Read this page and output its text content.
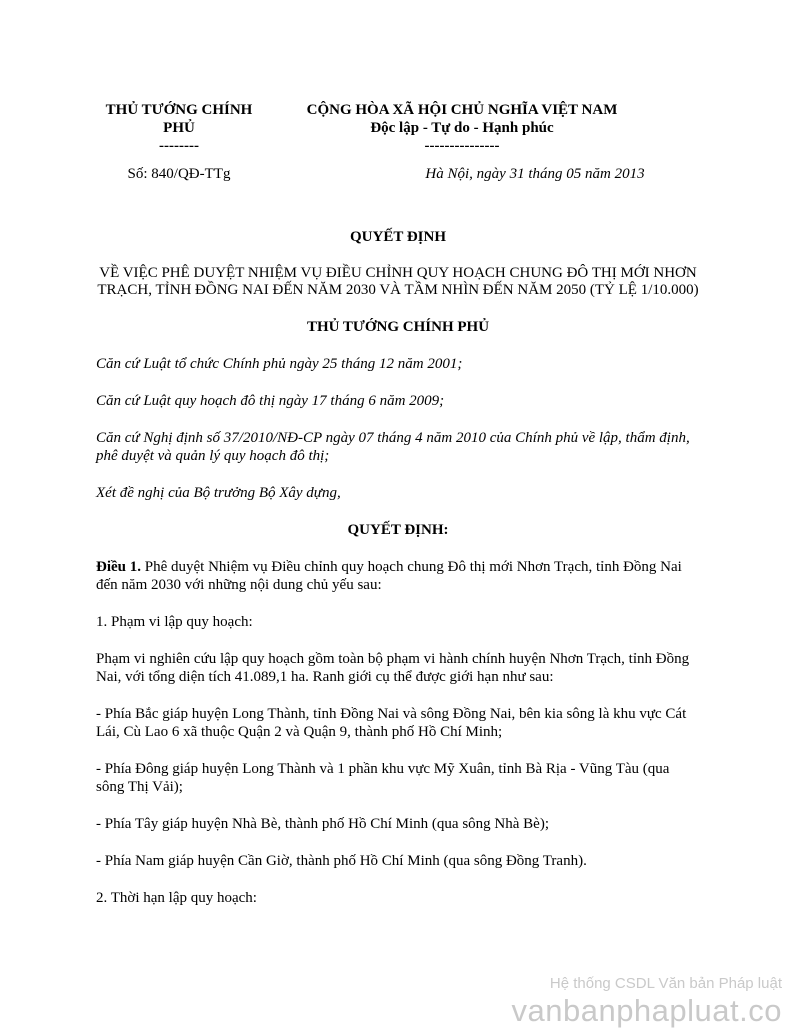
THỦ TƯỚNG CHÍNH PHỦ
--------
CỘNG HÒA XÃ HỘI CHỦ NGHĨA VIỆT NAM
Độc lập - Tự do - Hạnh phúc
---------------
Số: 840/QĐ-TTg	Hà Nội, ngày 31 tháng 05 năm 2013
QUYẾT ĐỊNH
VỀ VIỆC PHÊ DUYỆT NHIỆM VỤ ĐIỀU CHỈNH QUY HOẠCH CHUNG ĐÔ THỊ MỚI NHƠN TRẠCH, TỈNH ĐỒNG NAI ĐẾN NĂM 2030 VÀ TẦM NHÌN ĐẾN NĂM 2050 (TỶ LỆ 1/10.000)
THỦ TƯỚNG CHÍNH PHỦ

Căn cứ Luật tổ chức Chính phủ ngày 25 tháng 12 năm 2001;

Căn cứ Luật quy hoạch đô thị ngày 17 tháng 6 năm 2009;

Căn cứ Nghị định số 37/2010/NĐ-CP ngày 07 tháng 4 năm 2010 của Chính phủ về lập, thẩm định, phê duyệt và quản lý quy hoạch đô thị;

Xét đề nghị của Bộ trưởng Bộ Xây dựng,

QUYẾT ĐỊNH:

Điều 1. Phê duyệt Nhiệm vụ Điều chỉnh quy hoạch chung Đô thị mới Nhơn Trạch, tỉnh Đồng Nai đến năm 2030 với những nội dung chủ yếu sau:

1. Phạm vi lập quy hoạch:

Phạm vi nghiên cứu lập quy hoạch gồm toàn bộ phạm vi hành chính huyện Nhơn Trạch, tỉnh Đồng Nai, với tổng diện tích 41.089,1 ha. Ranh giới cụ thể được giới hạn như sau:

- Phía Bắc giáp huyện Long Thành, tỉnh Đồng Nai và sông Đồng Nai, bên kia sông là khu vực Cát Lái, Cù Lao 6 xã thuộc Quận 2 và Quận 9, thành phố Hồ Chí Minh;

- Phía Đông giáp huyện Long Thành và 1 phần khu vực Mỹ Xuân, tỉnh Bà Rịa - Vũng Tàu (qua sông Thị Vải);

- Phía Tây giáp huyện Nhà Bè, thành phố Hồ Chí Minh (qua sông Nhà Bè);

- Phía Nam giáp huyện Cần Giờ, thành phố Hồ Chí Minh (qua sông Đồng Tranh).

2. Thời hạn lập quy hoạch:

Hệ thống CSDL Văn bản Pháp luật
vanbanphapluat.co
